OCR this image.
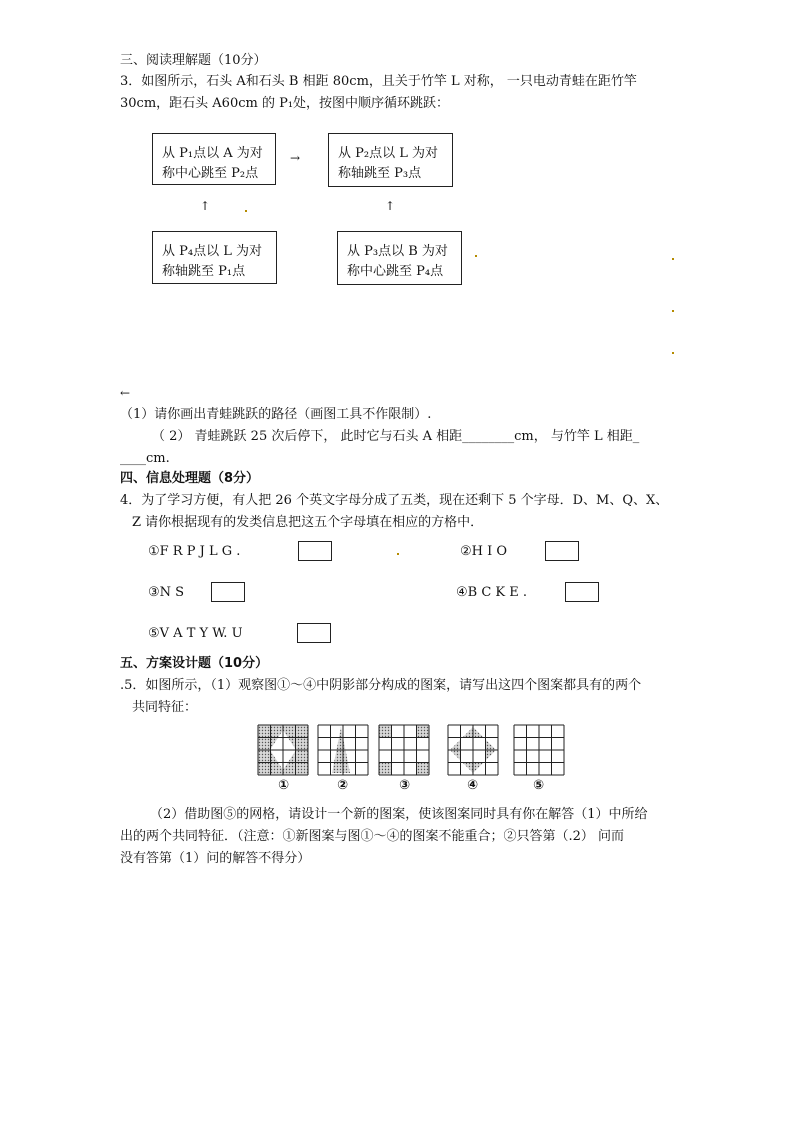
三、阅读理解题（10分）
3．如图所示，石头 A和石头 B 相距 80cm，且关于竹竿 L 对称， 一只电动青蛙在距竹竿
30cm，距石头 A60cm 的 P₁处，按图中顺序循环跳跃：
从 P₁点以 A 为对
称中心跳至 P₂点
→	从 P₂点以 L 为对
称轴跳至 P₃点
↑	↑
从 P₄点以 L 为对
称轴跳至 P₁点
从 P₃点以 B 为对
称中心跳至 P₄点
←
（1）请你画出青蛙跳跃的路径（画图工具不作限制）.
（ 2） 青蛙跳跃 25 次后停下， 此时它与石头 A 相距________cm， 与竹竿 L 相距_
____cm.
四、信息处理题（8分）
4．为了学习方便，有人把 26 个英文字母分成了五类，现在还剩下 5 个字母．D、M、Q、X、
Z 请你根据现有的发类信息把这五个字母填在相应的方格中．
①F R P J L G .	②H I O
③N S	④B C K E .
⑤V A T Y W. U
五、方案设计题（10分）
.5．如图所示，（1）观察图①～④中阴影部分构成的图案，请写出这四个图案都具有的两个
共同特征：
①	②	③	④	⑤
（2）借助图⑤的网格，请设计一个新的图案，使该图案同时具有你在解答（1）中所给
出的两个共同特征．（注意：①新图案与图①～④的图案不能重合；②只答第（.2） 问而
没有答第（1）问的解答不得分）
